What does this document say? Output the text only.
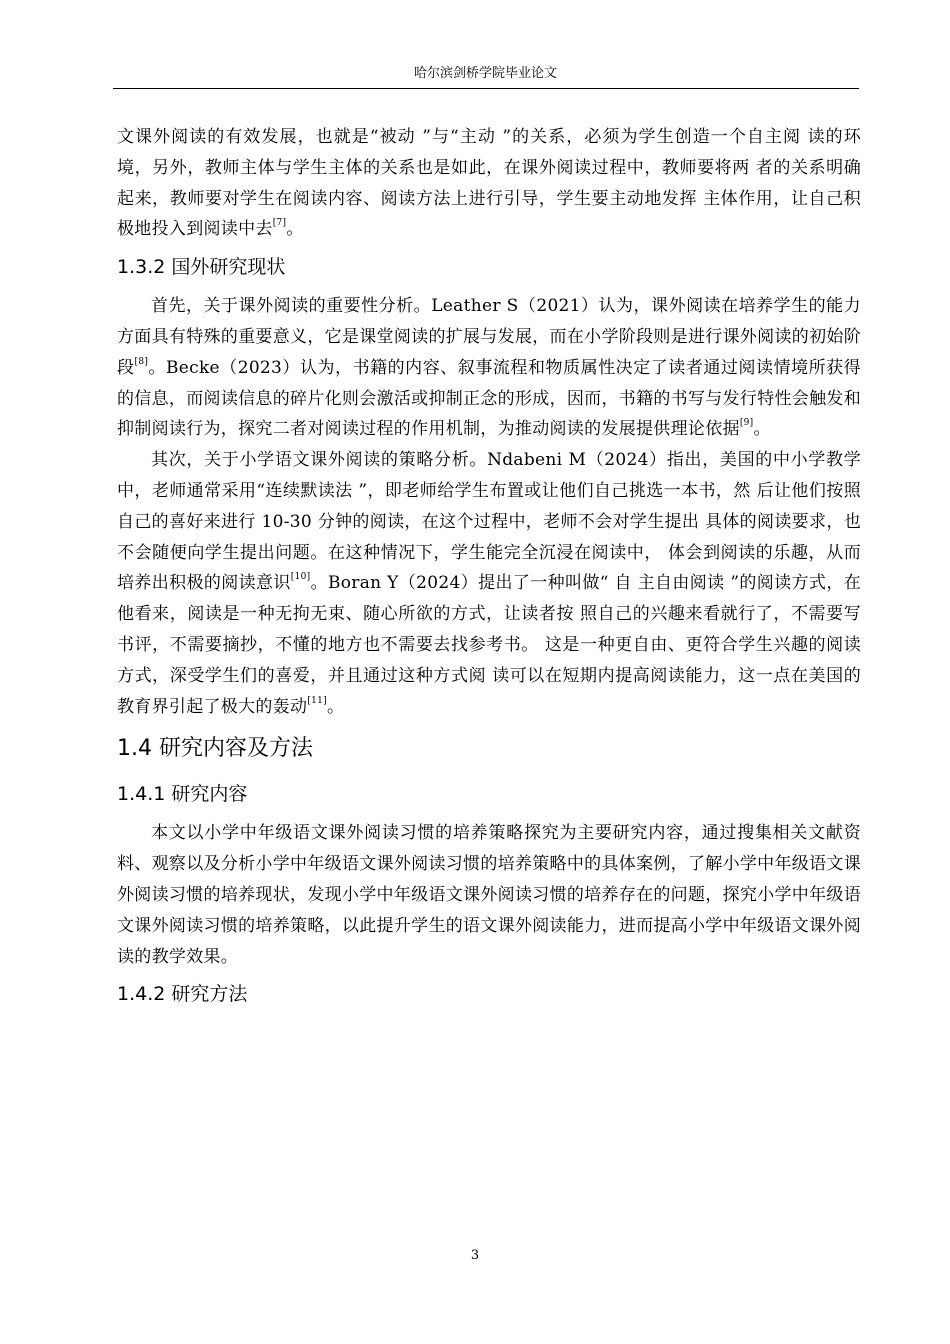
哈尔滨剑桥学院毕业论文

文课外阅读的有效发展，也就是“被动 ”与“主动 ”的关系，必须为学生创造一个自主阅 读的环境，另外，教师主体与学生主体的关系也是如此，在课外阅读过程中，教师要将两 者的关系明确起来，教师要对学生在阅读内容、阅读方法上进行引导，学生要主动地发挥 主体作用，让自己积极地投入到阅读中去[7]。

1.3.2 国外研究现状

首先，关于课外阅读的重要性分析。Leather S（2021）认为，课外阅读在培养学生的能力方面具有特殊的重要意义，它是课堂阅读的扩展与发展，而在小学阶段则是进行课外阅读的初始阶段[8]。Becke（2023）认为，书籍的内容、叙事流程和物质属性决定了读者通过阅读情境所获得的信息，而阅读信息的碎片化则会激活或抑制正念的形成，因而，书籍的书写与发行特性会触发和抑制阅读行为，探究二者对阅读过程的作用机制，为推动阅读的发展提供理论依据[9]。

其次，关于小学语文课外阅读的策略分析。Ndabeni M（2024）指出，美国的中小学教学中，老师通常采用“连续默读法 ”，即老师给学生布置或让他们自己挑选一本书，然 后让他们按照自己的喜好来进行 10-30 分钟的阅读，在这个过程中，老师不会对学生提出 具体的阅读要求，也不会随便向学生提出问题。在这种情况下，学生能完全沉浸在阅读中， 体会到阅读的乐趣，从而培养出积极的阅读意识[10]。Boran Y（2024）提出了一种叫做“ 自 主自由阅读 ”的阅读方式，在他看来，阅读是一种无拘无束、随心所欲的方式，让读者按 照自己的兴趣来看就行了，不需要写书评，不需要摘抄，不懂的地方也不需要去找参考书。 这是一种更自由、更符合学生兴趣的阅读方式，深受学生们的喜爱，并且通过这种方式阅 读可以在短期内提高阅读能力，这一点在美国的教育界引起了极大的轰动[11]。

1.4 研究内容及方法
1.4.1 研究内容

本文以小学中年级语文课外阅读习惯的培养策略探究为主要研究内容，通过搜集相关文献资料、观察以及分析小学中年级语文课外阅读习惯的培养策略中的具体案例，了解小学中年级语文课外阅读习惯的培养现状，发现小学中年级语文课外阅读习惯的培养存在的问题，探究小学中年级语文课外阅读习惯的培养策略，以此提升学生的语文课外阅读能力，进而提高小学中年级语文课外阅读的教学效果。

1.4.2 研究方法
3
